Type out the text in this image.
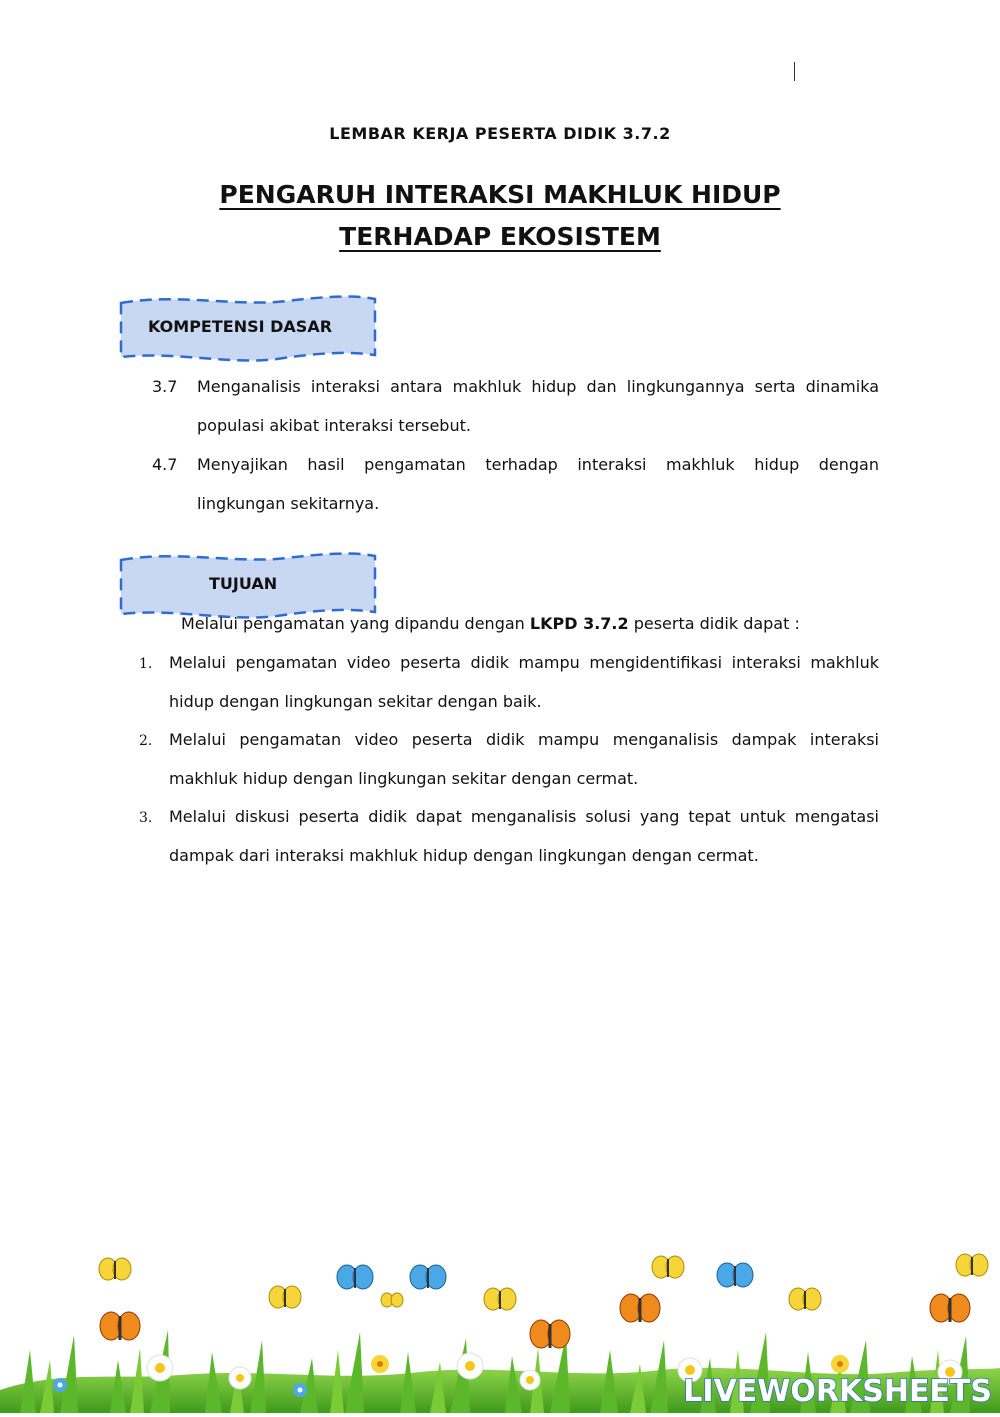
LEMBAR KERJA PESERTA DIDIK 3.7.2
PENGARUH INTERAKSI MAKHLUK HIDUP
TERHADAP EKOSISTEM
KOMPETENSI DASAR
3.7 Menganalisis interaksi antara makhluk hidup dan lingkungannya serta dinamika
populasi akibat interaksi tersebut.
4.7 Menyajikan hasil pengamatan terhadap interaksi makhluk hidup dengan
lingkungan sekitarnya.
TUJUAN
Melalui pengamatan yang dipandu dengan LKPD 3.7.2 peserta didik dapat :
1. Melalui pengamatan video peserta didik mampu mengidentifikasi interaksi makhluk
hidup dengan lingkungan sekitar dengan baik.
2. Melalui pengamatan video peserta didik mampu menganalisis dampak interaksi
makhluk hidup dengan lingkungan sekitar dengan cermat.
3. Melalui diskusi peserta didik dapat menganalisis solusi yang tepat untuk mengatasi
dampak dari interaksi makhluk hidup dengan lingkungan dengan cermat.
LIVEWORKSHEETS
